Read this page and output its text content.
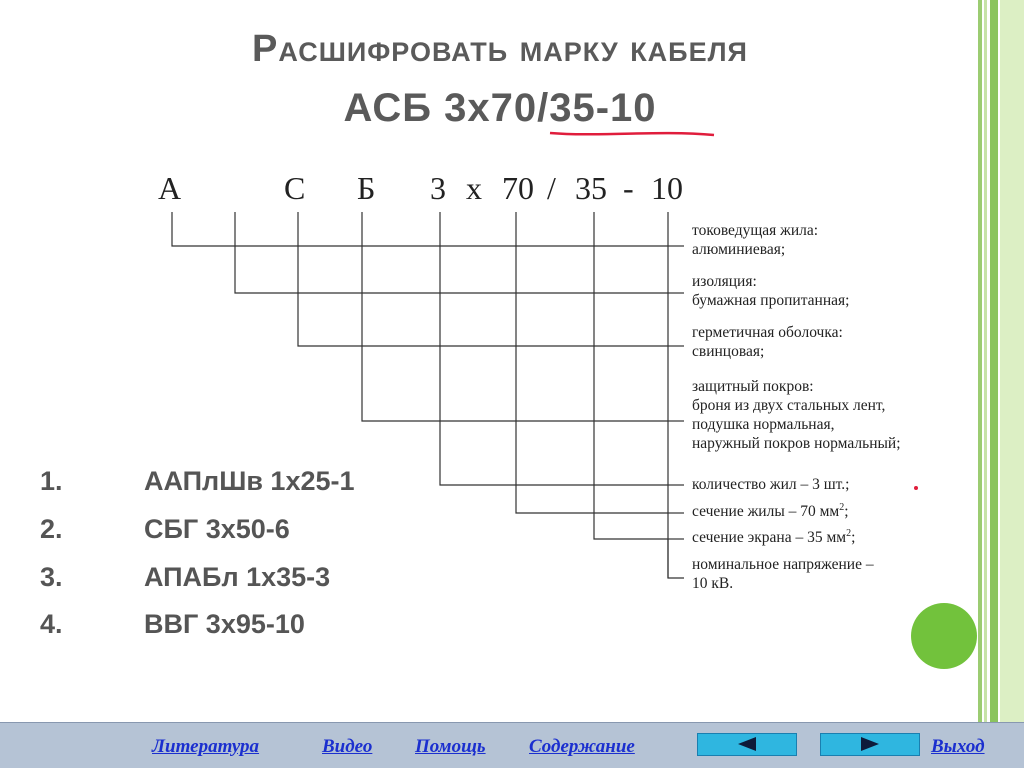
Расшифровать марку кабеля
АСБ 3х70/35-10
А	С Б 3 х 70 / 35 - 10
токоведущая жила:
алюминиевая;
изоляция:
бумажная пропитанная;
герметичная оболочка:
свинцовая;
защитный покров:
броня из двух стальных лент,
подушка нормальная,
наружный покров нормальный;
количество жил – 3 шт.;
сечение жилы – 70 $мм^2$;
сечение экрана – 35 $мм^2$;
номинальное напряжение –
10 кВ.
1.	ААПлШв 1х25-1
2.	СБГ 3х50-6
3.	АПАБл 1х35-3
4.	ВВГ 3х95-10
Литература	Видео Помощь Содержание	Выход
